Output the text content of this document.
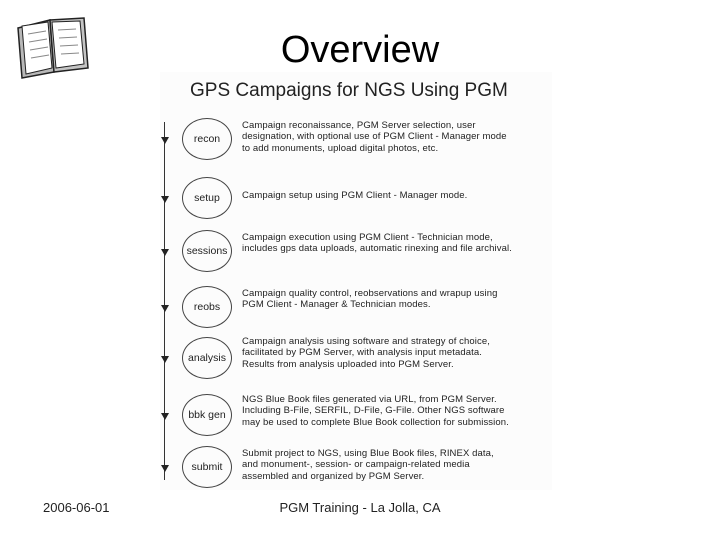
Overview
GPS Campaigns for NGS Using PGM
recon
Campaign reconaissance, PGM Server selection, user
designation, with optional use of PGM Client - Manager mode
to add monuments, upload digital photos, etc.
setup	Campaign setup using PGM Client - Manager mode.
sessions
Campaign execution using PGM Client - Technician mode,
includes gps data uploads, automatic rinexing and file archival.
reobs
Campaign quality control, reobservations and wrapup using
PGM Client - Manager & Technician modes.
analysis
Campaign analysis using software and strategy of choice,
facilitated by PGM Server, with analysis input metadata.
Results from analysis uploaded into PGM Server.
bbk gen
NGS Blue Book files generated via URL, from PGM Server.
Including B-File, SERFIL, D-File, G-File. Other NGS software
may be used to complete Blue Book collection for submission.
submit
Submit project to NGS, using Blue Book files, RINEX data,
and monument-, session- or campaign-related media
assembled and organized by PGM Server.
2006-06-01	PGM Training - La Jolla, CA
